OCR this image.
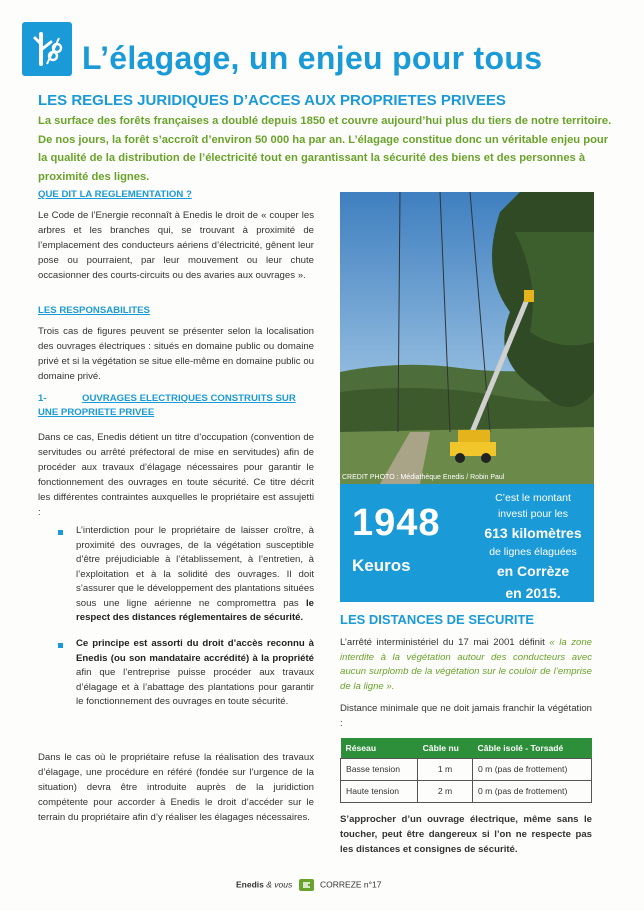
L’élagage, un enjeu pour tous
LES REGLES JURIDIQUES D’ACCES AUX PROPRIETES PRIVEES
La surface des forêts françaises a doublé depuis 1850 et couvre aujourd’hui plus du tiers de notre territoire. De nos jours, la forêt s’accroît d’environ 50 000 ha par an. L’élagage constitue donc un véritable enjeu pour la qualité de la distribution de l’électricité tout en garantissant la sécurité des biens et des personnes à proximité des lignes.
QUE DIT LA REGLEMENTATION ?
Le Code de l’Energie reconnaît à Enedis le droit de « couper les arbres et les branches qui, se trouvant à proximité de l’emplacement des conducteurs aériens d’électricité, gênent leur pose ou pourraient, par leur mouvement ou leur chute occasionner des courts-circuits ou des avaries aux ouvrages ».
LES RESPONSABILITES
Trois cas de figures peuvent se présenter selon la localisation des ouvrages électriques : situés en domaine public ou domaine privé et si la végétation se situe elle-même en domaine public ou domaine privé.
1-	OUVRAGES ELECTRIQUES CONSTRUITS SUR
UNE PROPRIETE PRIVEE
Dans ce cas, Enedis détient un titre d’occupation (convention de servitudes ou arrêté préfectoral de mise en servitudes) afin de procéder aux travaux d’élagage nécessaires pour garantir le fonctionnement des ouvrages en toute sécurité. Ce titre décrit les différentes contraintes auxquelles le propriétaire est assujetti :
L’interdiction pour le propriétaire de laisser croître, à proximité des ouvrages, de la végétation susceptible d’être préjudiciable à l’établissement, à l’entretien, à l’exploitation et à la solidité des ouvrages. Il doit s’assurer que le développement des plantations situées sous une ligne aérienne ne compromettra pas le respect des distances réglementaires de sécurité.
Ce principe est assorti du droit d’accès reconnu à Enedis (ou son mandataire accrédité) à la propriété afin que l’entreprise puisse procéder aux travaux d’élagage et à l’abattage des plantations pour garantir le fonctionnement des ouvrages en toute sécurité.
Dans le cas où le propriétaire refuse la réalisation des travaux d’élagage, une procédure en référé (fondée sur l’urgence de la situation) devra être introduite auprès de la juridiction compétente pour accorder à Enedis le droit d’accéder sur le terrain du propriétaire afin d’y réaliser les élagages nécessaires.
CREDIT PHOTO : Médiathèque Enedis / Robin Paul
1948
Keuros
C’est le montant
investi pour les
613 kilomètres
de lignes élaguées
en Corrèze
en 2015.
LES DISTANCES DE SECURITE
L’arrêté interministériel du 17 mai 2001 définit « la zone interdite à la végétation autour des conducteurs avec aucun surplomb de la végétation sur le couloir de l’emprise de la ligne ».
Distance minimale que ne doit jamais franchir la végétation :
Réseau	Câble nu	Câble isolé - Torsadé
Basse tension	1 m	0 m (pas de frottement)
Haute tension	2 m	0 m (pas de frottement)
S’approcher d’un ouvrage électrique, même sans le toucher, peut être dangereux si l’on ne respecte pas les distances et consignes de sécurité.
Enedis & vous	CORREZE n°17
